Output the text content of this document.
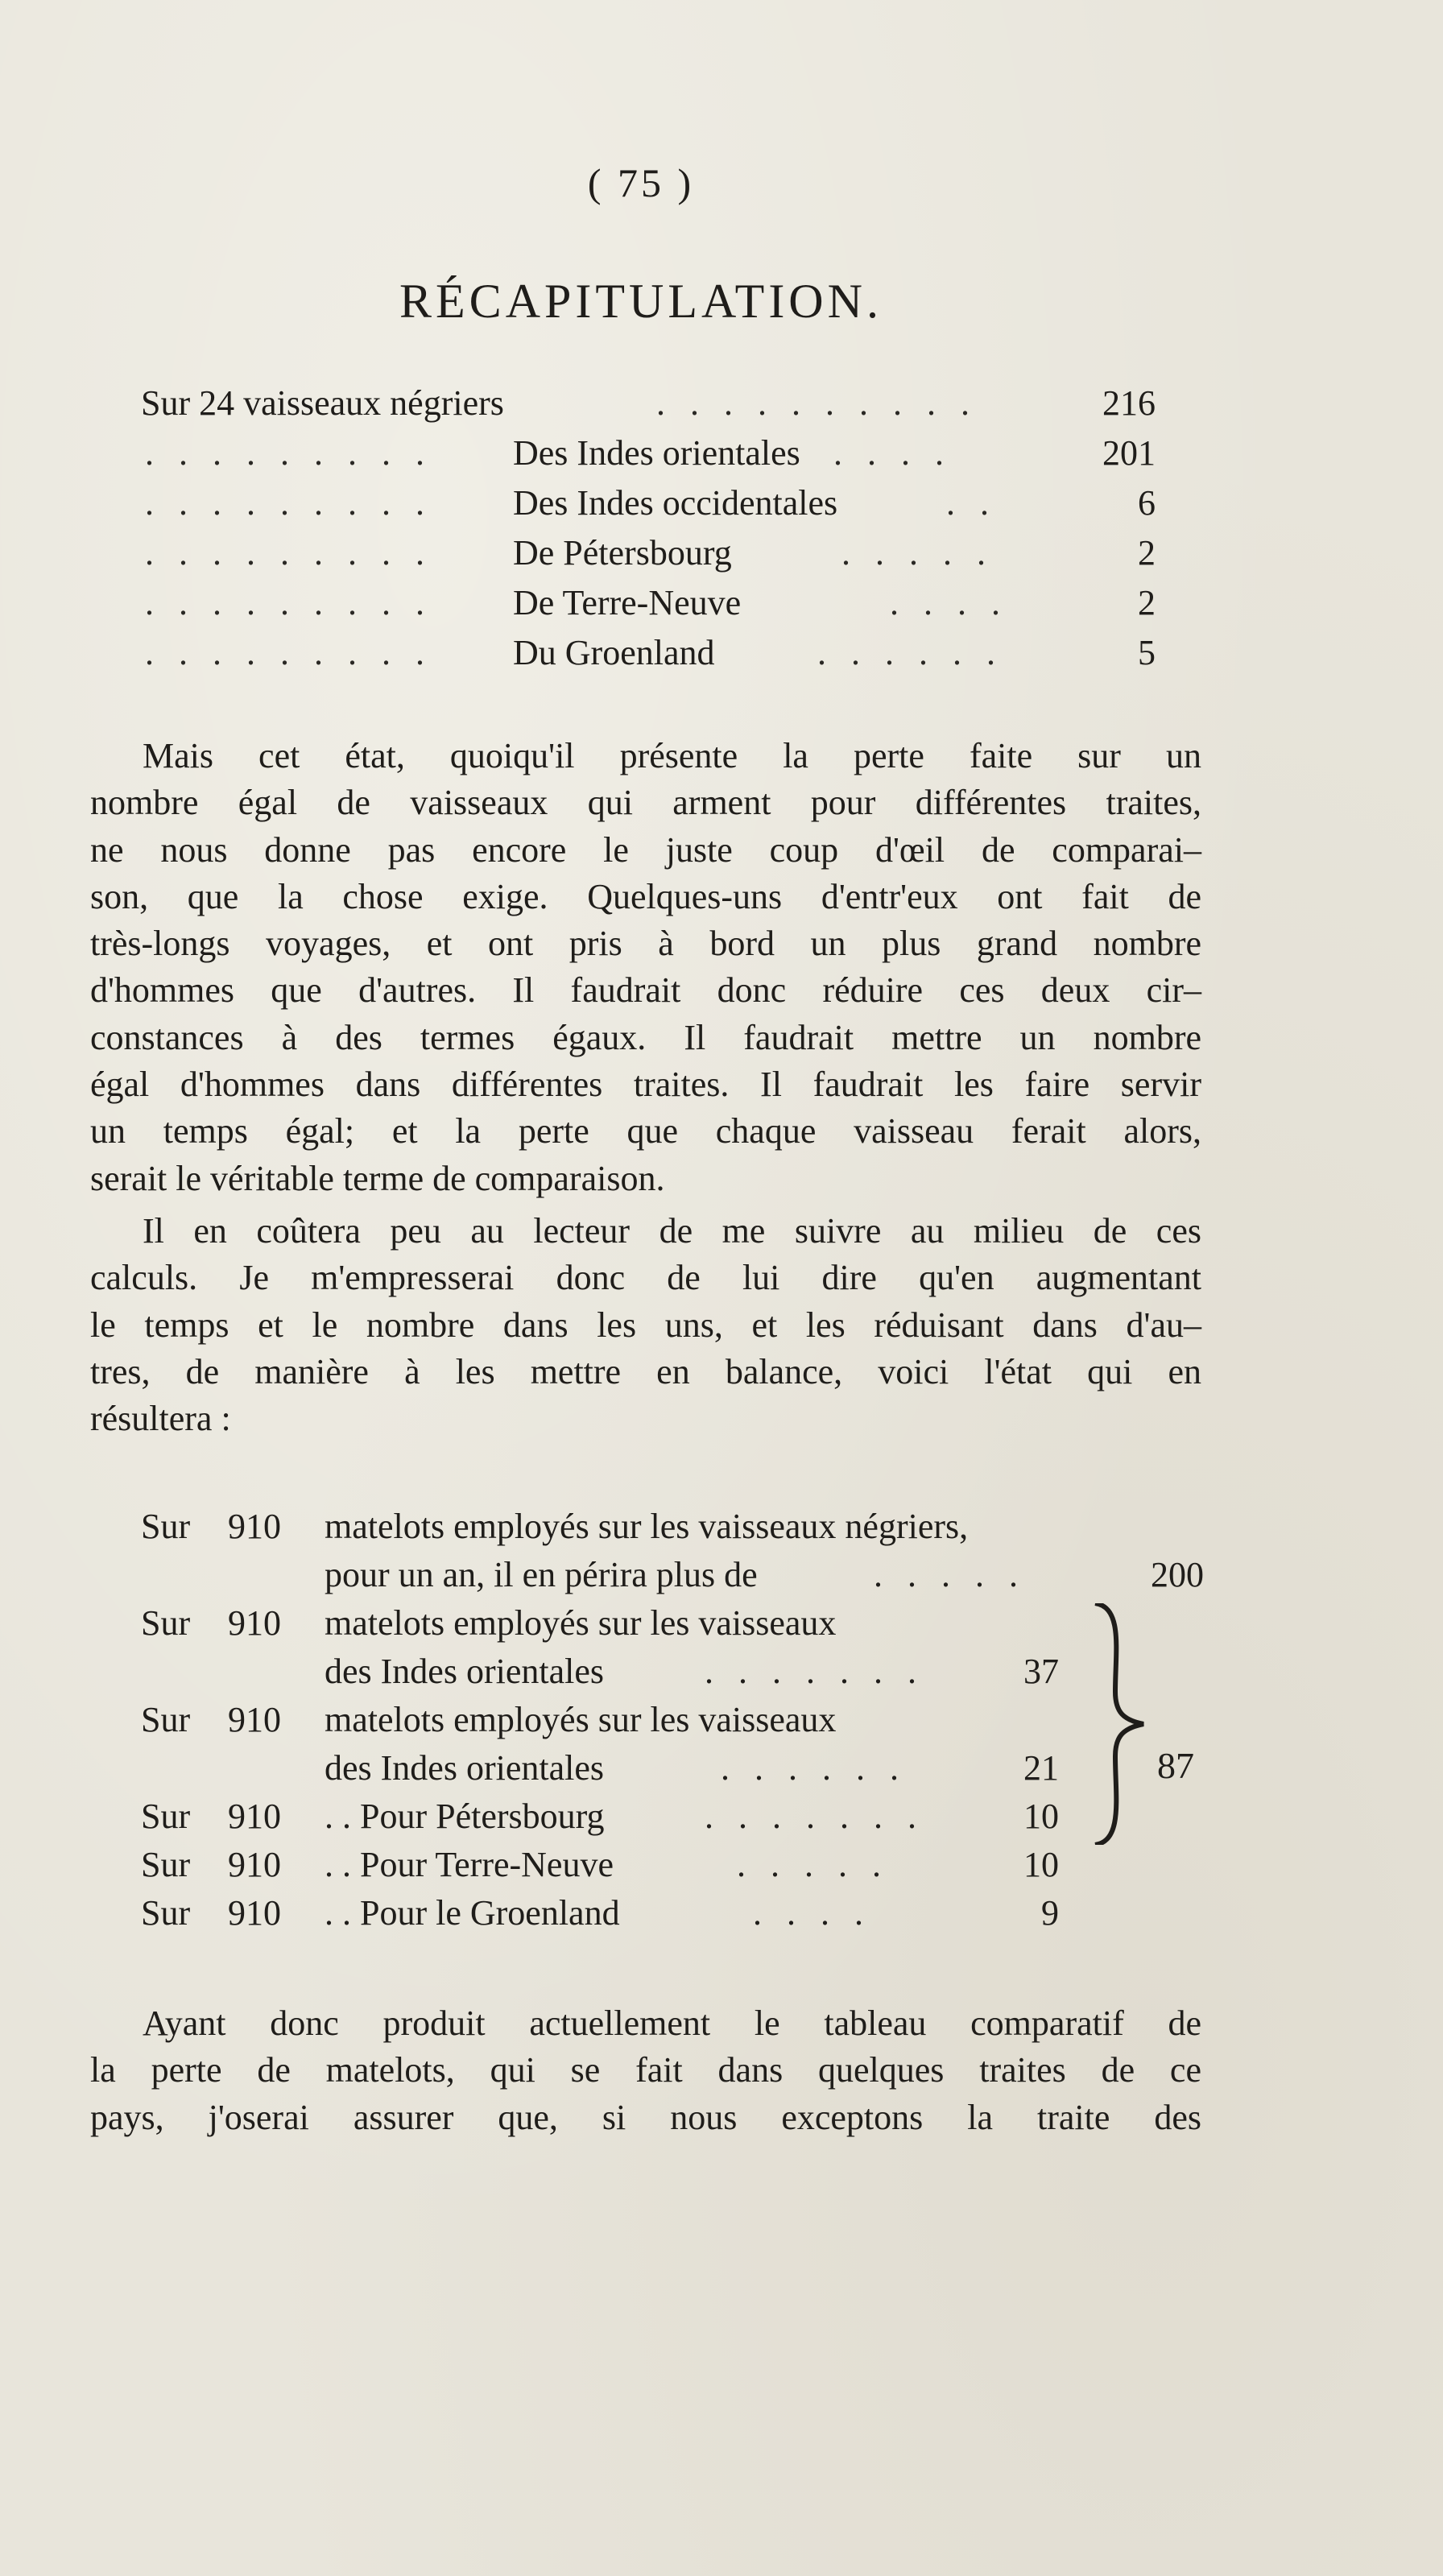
( 75 )
RÉCAPITULATION.
Sur 24 vaisseaux négriers	. . . . . . . . . .	216
. . . . . . . . . Des Indes orientales . . . .	201
. . . . . . . . . Des Indes occidentales	. .	6
. . . . . . . . . De Pétersbourg	. . . . .	2
. . . . . . . . . De Terre-Neuve	. . . .	2
. . . . . . . . . Du Groenland	. . . . . .	5
Mais cet état, quoiqu'il présente la perte faite sur un
nombre égal de vaisseaux qui arment pour différentes traites,
ne nous donne pas encore le juste coup d'œil de comparai–
son, que la chose exige. Quelques-uns d'entr'eux ont fait de
très-longs voyages, et ont pris à bord un plus grand nombre
d'hommes que d'autres. Il faudrait donc réduire ces deux cir–
constances à des termes égaux. Il faudrait mettre un nombre
égal d'hommes dans différentes traites. Il faudrait les faire servir
un temps égal; et la perte que chaque vaisseau ferait alors,
serait le véritable terme de comparaison.
Il en coûtera peu au lecteur de me suivre au milieu de ces
calculs. Je m'empresserai donc de lui dire qu'en augmentant
le temps et le nombre dans les uns, et les réduisant dans d'au–
tres, de manière à les mettre en balance, voici l'état qui en
résultera :
Sur 910 matelots employés sur les vaisseaux négriers,
pour un an, il en périra plus de	. . . . .	200
Sur 910 matelots employés sur les vaisseaux
des Indes orientales	. . . . . . .	37
Sur 910 matelots employés sur les vaisseaux
des Indes orientales	. . . . . .	21
Sur 910 . . Pour Pétersbourg	. . . . . . .	10
Sur 910 . . Pour Terre-Neuve	. . . . .	10
Sur 910 . . Pour le Groenland	. . . .	9
87
Ayant donc produit actuellement le tableau comparatif de
la perte de matelots, qui se fait dans quelques traites de ce
pays, j'oserai assurer que, si nous exceptons la traite des
